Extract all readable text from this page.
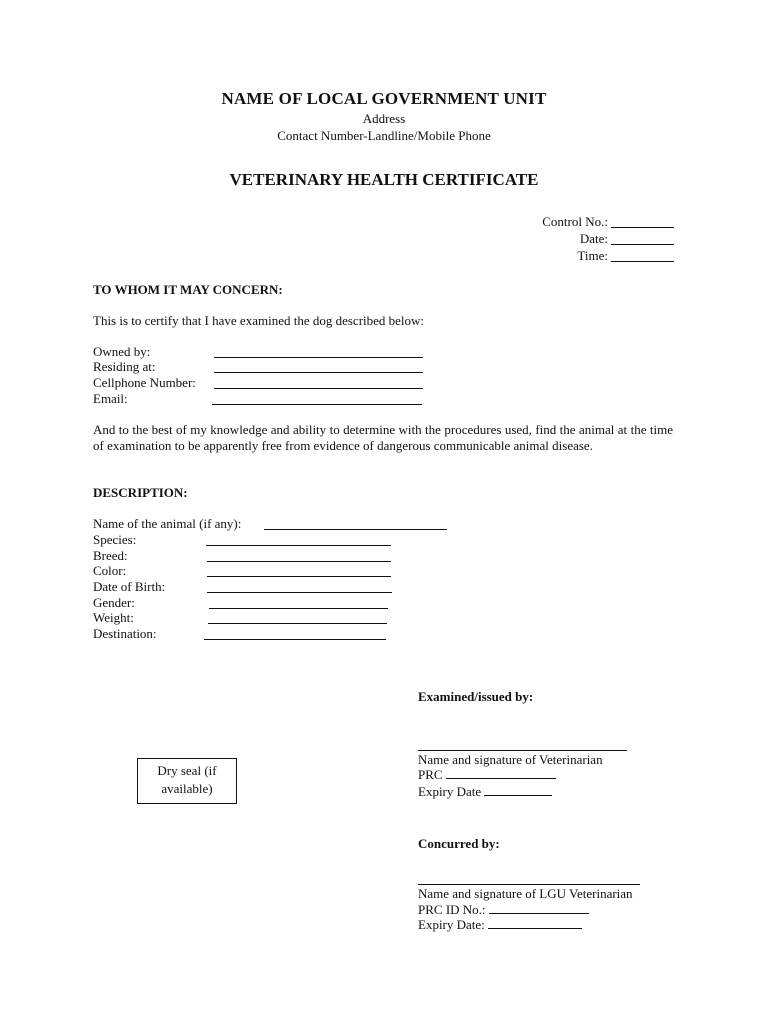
NAME OF LOCAL GOVERNMENT UNIT
Address
Contact Number-Landline/Mobile Phone
VETERINARY HEALTH CERTIFICATE
Control No.:
Date:
Time:
TO WHOM IT MAY CONCERN:
This is to certify that I have examined the dog described below:
Owned by:
Residing at:
Cellphone Number:
Email:
And to the best of my knowledge and ability to determine with the procedures used, find the animal at the time of examination to be apparently free from evidence of dangerous communicable animal disease.
DESCRIPTION:
Name of the animal (if any):
Species:
Breed:
Color:
Date of Birth:
Gender:
Weight:
Destination:
Examined/issued by:
Name and signature of Veterinarian
PRC
Expiry Date
Dry seal (if available)
Concurred by:
Name and signature of LGU Veterinarian
PRC ID No.:
Expiry Date:
